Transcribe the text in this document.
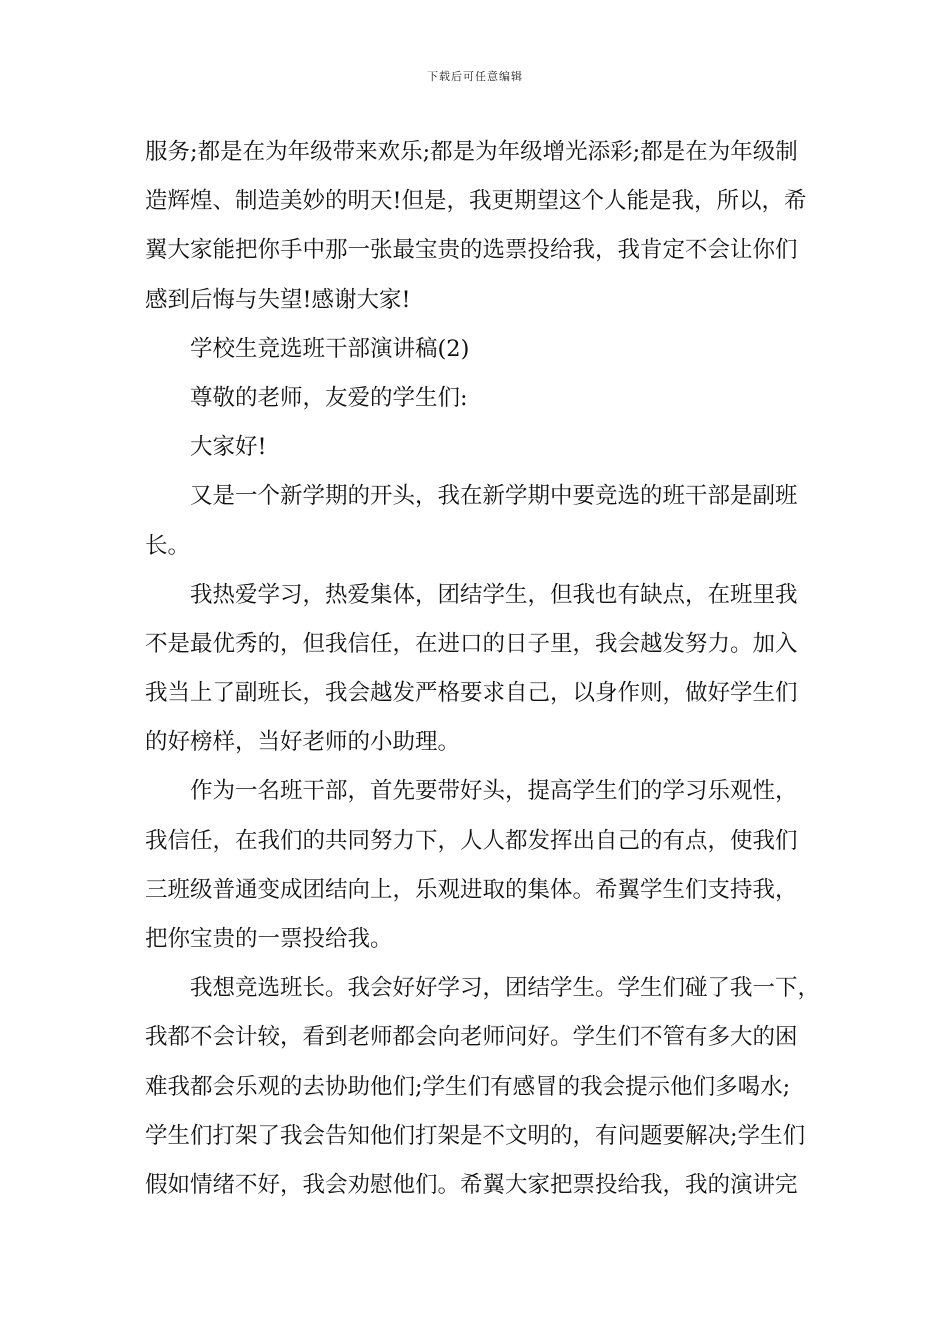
下载后可任意编辑
服务;都是在为年级带来欢乐;都是为年级增光添彩;都是在为年级制
造辉煌、制造美妙的明天!但是，我更期望这个人能是我，所以，希
翼大家能把你手中那一张最宝贵的选票投给我，我肯定不会让你们
感到后悔与失望!感谢大家!
学校生竞选班干部演讲稿(2)
尊敬的老师，友爱的学生们:
大家好!
又是一个新学期的开头，我在新学期中要竞选的班干部是副班
长。
我热爱学习，热爱集体，团结学生，但我也有缺点，在班里我
不是最优秀的，但我信任，在进口的日子里，我会越发努力。加入
我当上了副班长，我会越发严格要求自己，以身作则，做好学生们
的好榜样，当好老师的小助理。
作为一名班干部，首先要带好头，提高学生们的学习乐观性，
我信任，在我们的共同努力下，人人都发挥出自己的有点，使我们
三班级普通变成团结向上，乐观进取的集体。希翼学生们支持我，
把你宝贵的一票投给我。
我想竞选班长。我会好好学习，团结学生。学生们碰了我一下，
我都不会计较，看到老师都会向老师问好。学生们不管有多大的困
难我都会乐观的去协助他们;学生们有感冒的我会提示他们多喝水;
学生们打架了我会告知他们打架是不文明的，有问题要解决;学生们
假如情绪不好，我会劝慰他们。希翼大家把票投给我，我的演讲完
